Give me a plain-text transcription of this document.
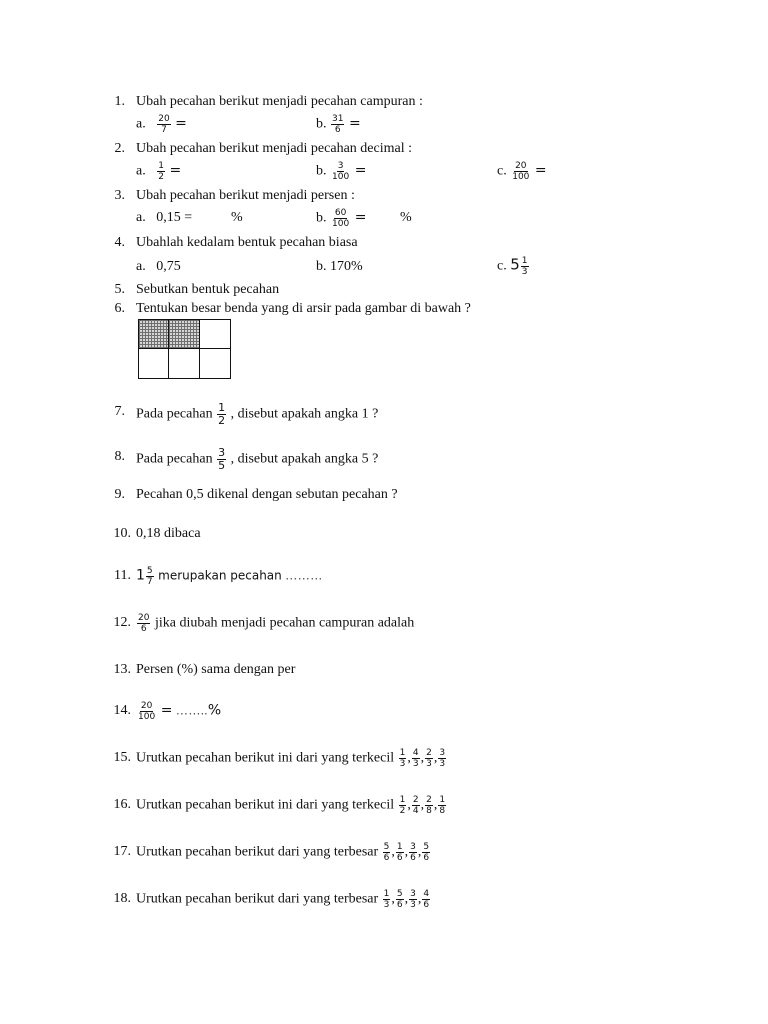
1. Ubah pecahan berikut menjadi pecahan campuran :
a. $\frac{20}{7}$ =	b. $\frac{31}{6}$ =
2. Ubah pecahan berikut menjadi pecahan decimal :
a. $\frac{1}{2}$ =	b. $\frac{3}{100}$ =	c. $\frac{20}{100}$ =
3. Ubah pecahan berikut menjadi persen :
a. 0,15 =	%	b. $\frac{60}{100}$ = %
4. Ubahlah kedalam bentuk pecahan biasa
a. 0,75	b. 170%	c. $5 \frac{1}{3}$
5. Sebutkan bentuk pecahan
6. Tentukan besar benda yang di arsir pada gambar di bawah ?
7. Pada pecahan $\frac{1}{2}$ , disebut apakah angka 1 ?
8. Pada pecahan $\frac{3}{5}$ , disebut apakah angka 5 ?
9. Pecahan 0,5 dikenal dengan sebutan pecahan ?
10. 0,18 dibaca
11. $1 \frac{5}{7}$ merupakan pecahan ………
12. $\frac{20}{6}$ jika diubah menjadi pecahan campuran adalah
13. Persen (%) sama dengan per
14. $\frac{20}{100}$ = ……..%
15. Urutkan pecahan berikut ini dari yang terkecil $\frac{1}{3}$ , $\frac{4}{3}$ , $\frac{2}{3}$ , $\frac{3}{3}$
16. Urutkan pecahan berikut ini dari yang terkecil $\frac{1}{2}$ , $\frac{2}{4}$ , $\frac{2}{8}$ , $\frac{1}{8}$
17. Urutkan pecahan berikut dari yang terbesar $\frac{5}{6}$ , $\frac{1}{6}$ , $\frac{3}{6}$ , $\frac{5}{6}$
18. Urutkan pecahan berikut dari yang terbesar $\frac{1}{3}$ , $\frac{5}{6}$ , $\frac{3}{3}$ , $\frac{4}{6}$
